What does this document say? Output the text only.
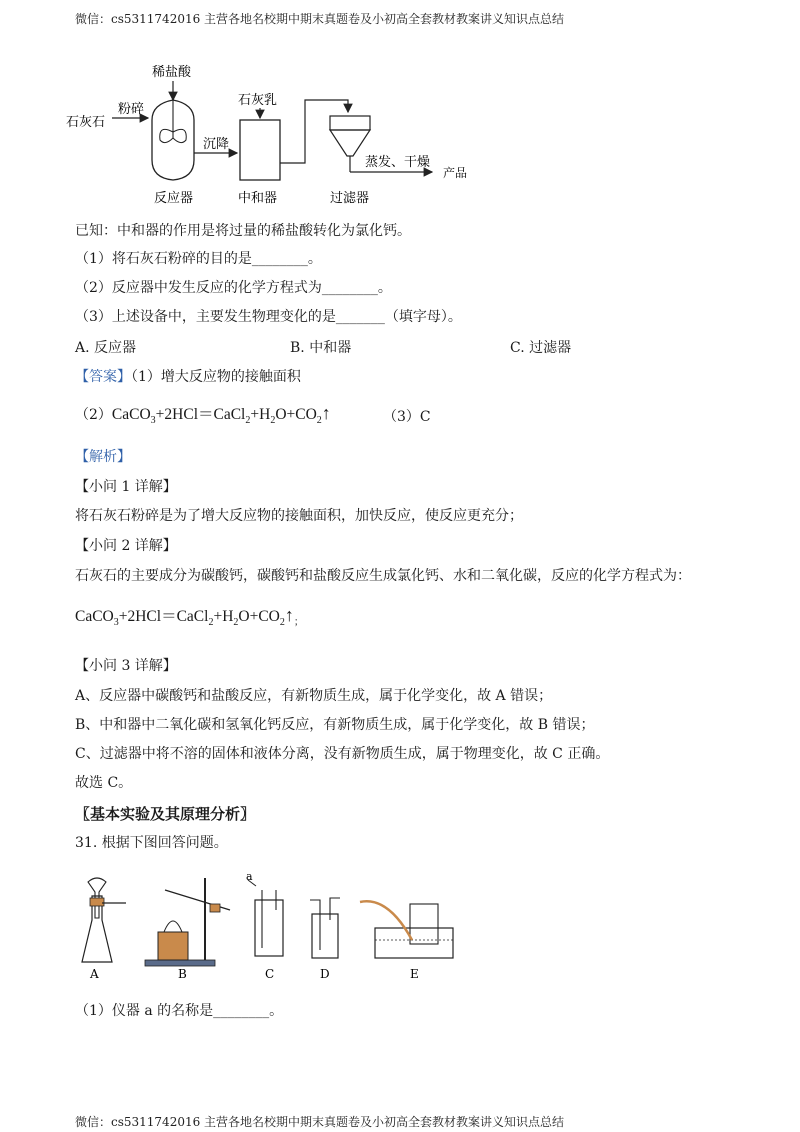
微信：cs5311742016 主营各地名校期中期末真题卷及小初高全套教材教案讲义知识点总结
稀盐酸
石灰石
粉碎
沉降
反应器
石灰乳
中和器
蒸发、干燥
产品
过滤器
已知：中和器的作用是将过量的稀盐酸转化为氯化钙。
（1）将石灰石粉碎的目的是________。
（2）反应器中发生反应的化学方程式为________。
（3）上述设备中，主要发生物理变化的是_______（填字母）。
A. 反应器	B. 中和器	C. 过滤器
【答案】（1）增大反应物的接触面积
$(2)CaCO_3+2HCl=CaCl_2+H_2O+CO_2↑$	（3）C
【解析】
【小问 1 详解】
将石灰石粉碎是为了增大反应物的接触面积，加快反应，使反应更充分；
【小问 2 详解】
石灰石的主要成分为碳酸钙，碳酸钙和盐酸反应生成氯化钙、水和二氧化碳，反应的化学方程式为：
$CaCO_3+2HCl=CaCl_2+H_2O+CO_2↑_;$
【小问 3 详解】
A、反应器中碳酸钙和盐酸反应，有新物质生成，属于化学变化，故 A 错误；
B、中和器中二氧化碳和氢氧化钙反应，有新物质生成，属于化学变化，故 B 错误；
C、过滤器中将不溶的固体和液体分离，没有新物质生成，属于物理变化，故 C 正确。
故选 C。
〖基本实验及其原理分析〗
31. 根据下图回答问题。
A	B
a
C	D	E
（1）仪器 a 的名称是________。
微信：cs5311742016 主营各地名校期中期末真题卷及小初高全套教材教案讲义知识点总结
